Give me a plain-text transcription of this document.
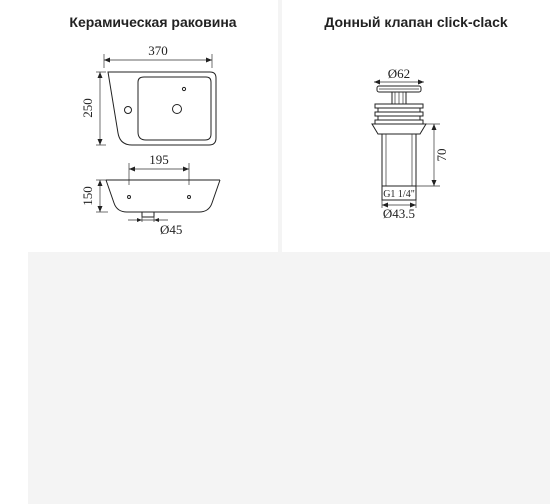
Керамическая раковина
370
250
195
150
Ø45
Донный клапан click-clack
Ø62
G1 1/4"
70
Ø43.5
